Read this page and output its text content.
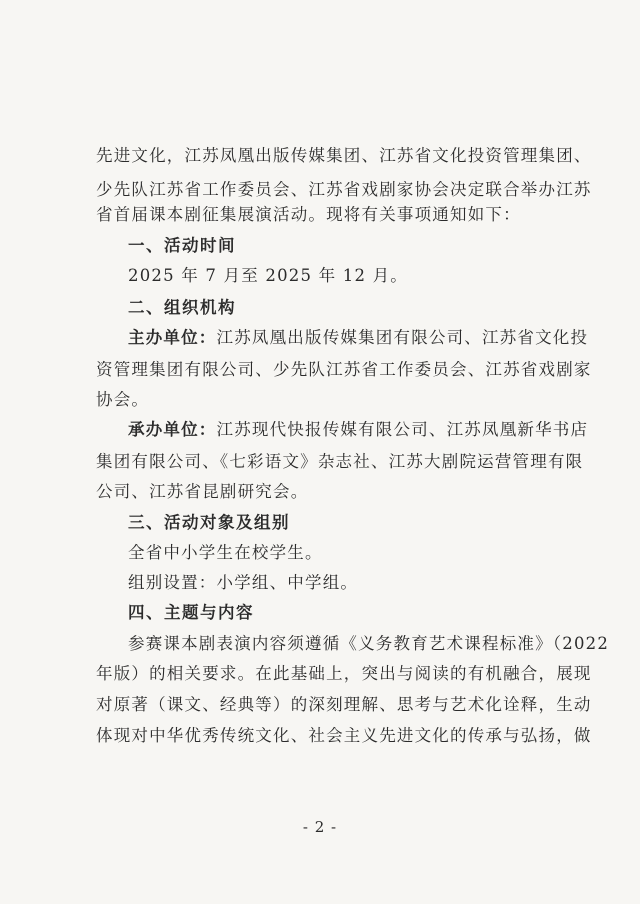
先进文化，江苏凤凰出版传媒集团、江苏省文化投资管理集团、
少先队江苏省工作委员会、江苏省戏剧家协会决定联合举办江苏
省首届课本剧征集展演活动。现将有关事项通知如下：
一、活动时间
2025 年 7 月至 2025 年 12 月。
二、组织机构
主办单位：江苏凤凰出版传媒集团有限公司、江苏省文化投
资管理集团有限公司、少先队江苏省工作委员会、江苏省戏剧家
协会。
承办单位：江苏现代快报传媒有限公司、江苏凤凰新华书店
集团有限公司、《七彩语文》杂志社、江苏大剧院运营管理有限
公司、江苏省昆剧研究会。
三、活动对象及组别
全省中小学生在校学生。
组别设置：小学组、中学组。
四、主题与内容
参赛课本剧表演内容须遵循《义务教育艺术课程标准》（2022
年版）的相关要求。在此基础上，突出与阅读的有机融合，展现
对原著（课文、经典等）的深刻理解、思考与艺术化诠释，生动
体现对中华优秀传统文化、社会主义先进文化的传承与弘扬，做
- 2 -
